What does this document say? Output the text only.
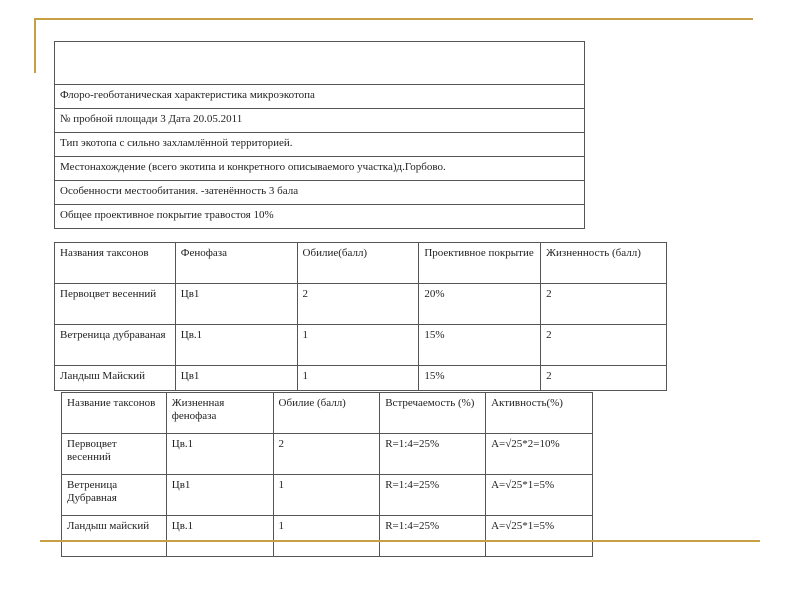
Флоро-геоботаническая характеристика микроэкотопа
№ пробной площади 3 Дата 20.05.2011
Тип экотопа с сильно захламлённой территорией.
Местонахождение (всего экотипа и конкретного описываемого участка)д.Горбово.
Особенности местообитания. -затенённость 3 бала
Общее проективное покрытие травостоя 10%
Названия таксонов	Фенофаза	Обилие(балл)	Проективное покрытие	Жизненность (балл)
Первоцвет весенний	Цв1	2	20%	2
Ветреница дубраваная	Цв.1	1	15%	2
Ландыш Майский	Цв1	1	15%	2
Название таксонов	Жизненная фенофаза	Обилие (балл)	Встречаемость (%)	Активность(%)
Первоцвет весенний	Цв.1	2	R=1:4=25%	A=√25*2=10%
Ветреница Дубравная	Цв1	1	R=1:4=25%	A=√25*1=5%
Ландыш майский	Цв.1	1	R=1:4=25%	A=√25*1=5%
